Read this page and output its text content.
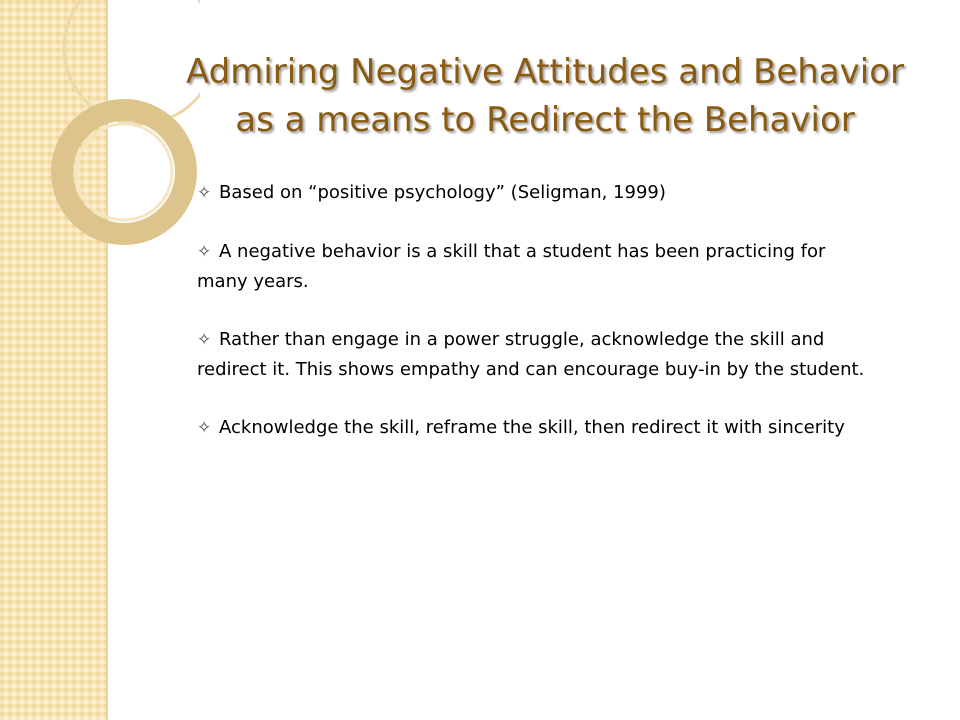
Admiring Negative Attitudes and Behavior
as a means to Redirect the Behavior

✧ Based on “positive psychology” (Seligman, 1999)

✧ A negative behavior is a skill that a student has been practicing for many years.

✧ Rather than engage in a power struggle, acknowledge the skill and redirect it. This shows empathy and can encourage buy-in by the student.

✧ Acknowledge the skill, reframe the skill, then redirect it with sincerity
